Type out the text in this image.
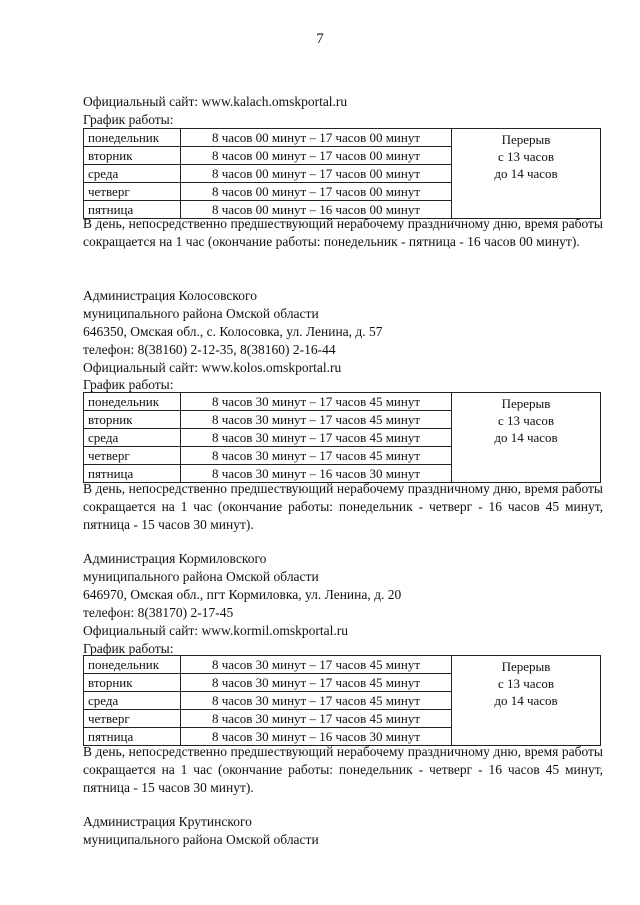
7
Официальный сайт: www.kalach.omskportal.ru
График работы:
понедельник	8 часов 00 минут – 17 часов 00 минут	Перерыв
с 13 часов
до 14 часов

вторник	8 часов 00 минут – 17 часов 00 минут	
среда	8 часов 00 минут – 17 часов 00 минут	
четверг	8 часов 00 минут – 17 часов 00 минут	
пятница	8 часов 00 минут – 16 часов 00 минут	
В день, непосредственно предшествующий нерабочему праздничному дню, время работы сокращается на 1 час (окончание работы: понедельник - пятница - 16 часов 00 минут).
Администрация Колосовского
муниципального района Омской области
646350, Омская обл., с. Колосовка, ул. Ленина, д. 57
телефон: 8(38160) 2-12-35, 8(38160) 2-16-44
Официальный сайт: www.kolos.omskportal.ru
График работы:
понедельник	8 часов 30 минут – 17 часов 45 минут	Перерыв
с 13 часов
до 14 часов

вторник	8 часов 30 минут – 17 часов 45 минут	
среда	8 часов 30 минут – 17 часов 45 минут	
четверг	8 часов 30 минут – 17 часов 45 минут	
пятница	8 часов 30 минут – 16 часов 30 минут	
В день, непосредственно предшествующий нерабочему праздничному дню, время работы сокращается на 1 час (окончание работы: понедельник - четверг - 16 часов 45 минут, пятница - 15 часов 30 минут).
Администрация Кормиловского
муниципального района Омской области
646970, Омская обл., пгт Кормиловка, ул. Ленина, д. 20
телефон: 8(38170) 2-17-45
Официальный сайт: www.kormil.omskportal.ru
График работы:
понедельник	8 часов 30 минут – 17 часов 45 минут	Перерыв
с 13 часов
до 14 часов

вторник	8 часов 30 минут – 17 часов 45 минут	
среда	8 часов 30 минут – 17 часов 45 минут	
четверг	8 часов 30 минут – 17 часов 45 минут	
пятница	8 часов 30 минут – 16 часов 30 минут	
В день, непосредственно предшествующий нерабочему праздничному дню, время работы сокращается на 1 час (окончание работы: понедельник - четверг - 16 часов 45 минут, пятница - 15 часов 30 минут).
Администрация Крутинского
муниципального района Омской области
